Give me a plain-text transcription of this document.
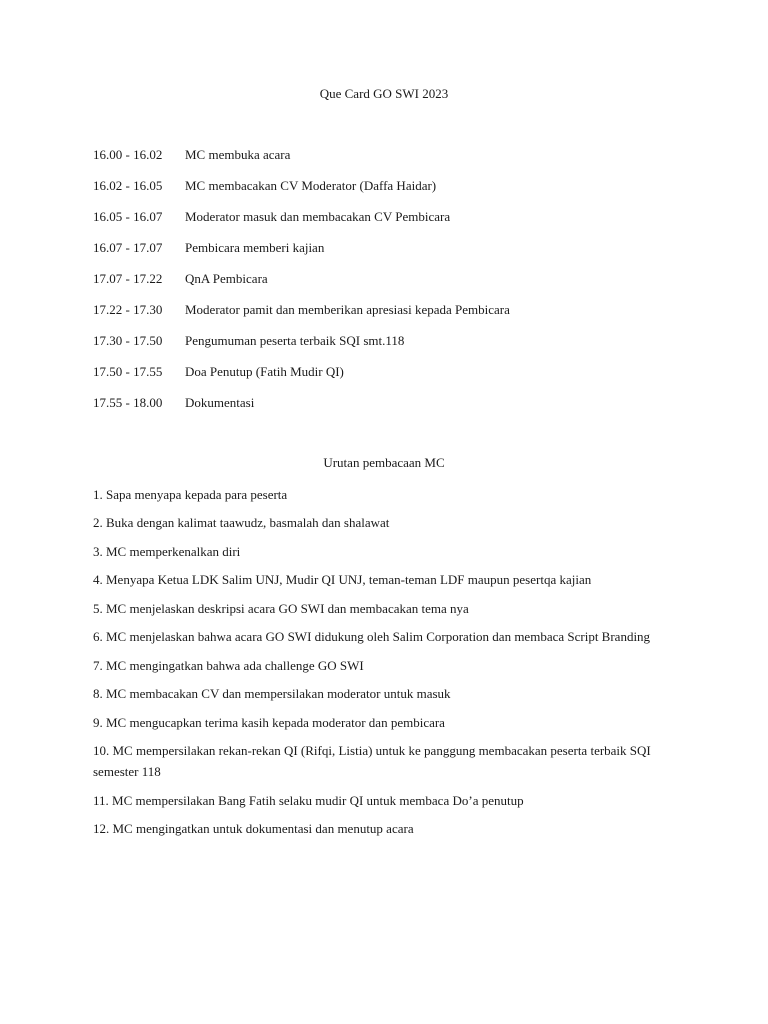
Que Card GO SWI 2023
16.00 - 16.02	MC membuka acara
16.02 - 16.05	MC membacakan CV Moderator (Daffa Haidar)
16.05 - 16.07	Moderator masuk dan membacakan CV Pembicara
16.07 - 17.07	Pembicara memberi kajian
17.07 - 17.22	QnA Pembicara
17.22 - 17.30	Moderator pamit dan memberikan apresiasi kepada Pembicara
17.30 - 17.50	Pengumuman peserta terbaik SQI smt.118
17.50 - 17.55	Doa Penutup (Fatih Mudir QI)
17.55 - 18.00	Dokumentasi
Urutan pembacaan MC
1. Sapa menyapa kepada para peserta
2. Buka dengan kalimat taawudz, basmalah dan shalawat
3. MC memperkenalkan diri
4. Menyapa Ketua LDK Salim UNJ, Mudir QI UNJ, teman-teman LDF maupun pesertqa kajian
5. MC menjelaskan deskripsi acara GO SWI dan membacakan tema nya
6. MC menjelaskan bahwa acara GO SWI didukung oleh Salim Corporation dan membaca Script Branding
7. MC mengingatkan bahwa ada challenge GO SWI
8. MC membacakan CV dan mempersilakan moderator untuk masuk
9. MC mengucapkan terima kasih kepada moderator dan pembicara
10. MC mempersilakan rekan-rekan QI (Rifqi, Listia) untuk ke panggung membacakan peserta terbaik SQI semester 118
11. MC mempersilakan Bang Fatih selaku mudir QI untuk membaca Do’a penutup
12. MC mengingatkan untuk dokumentasi dan menutup acara
